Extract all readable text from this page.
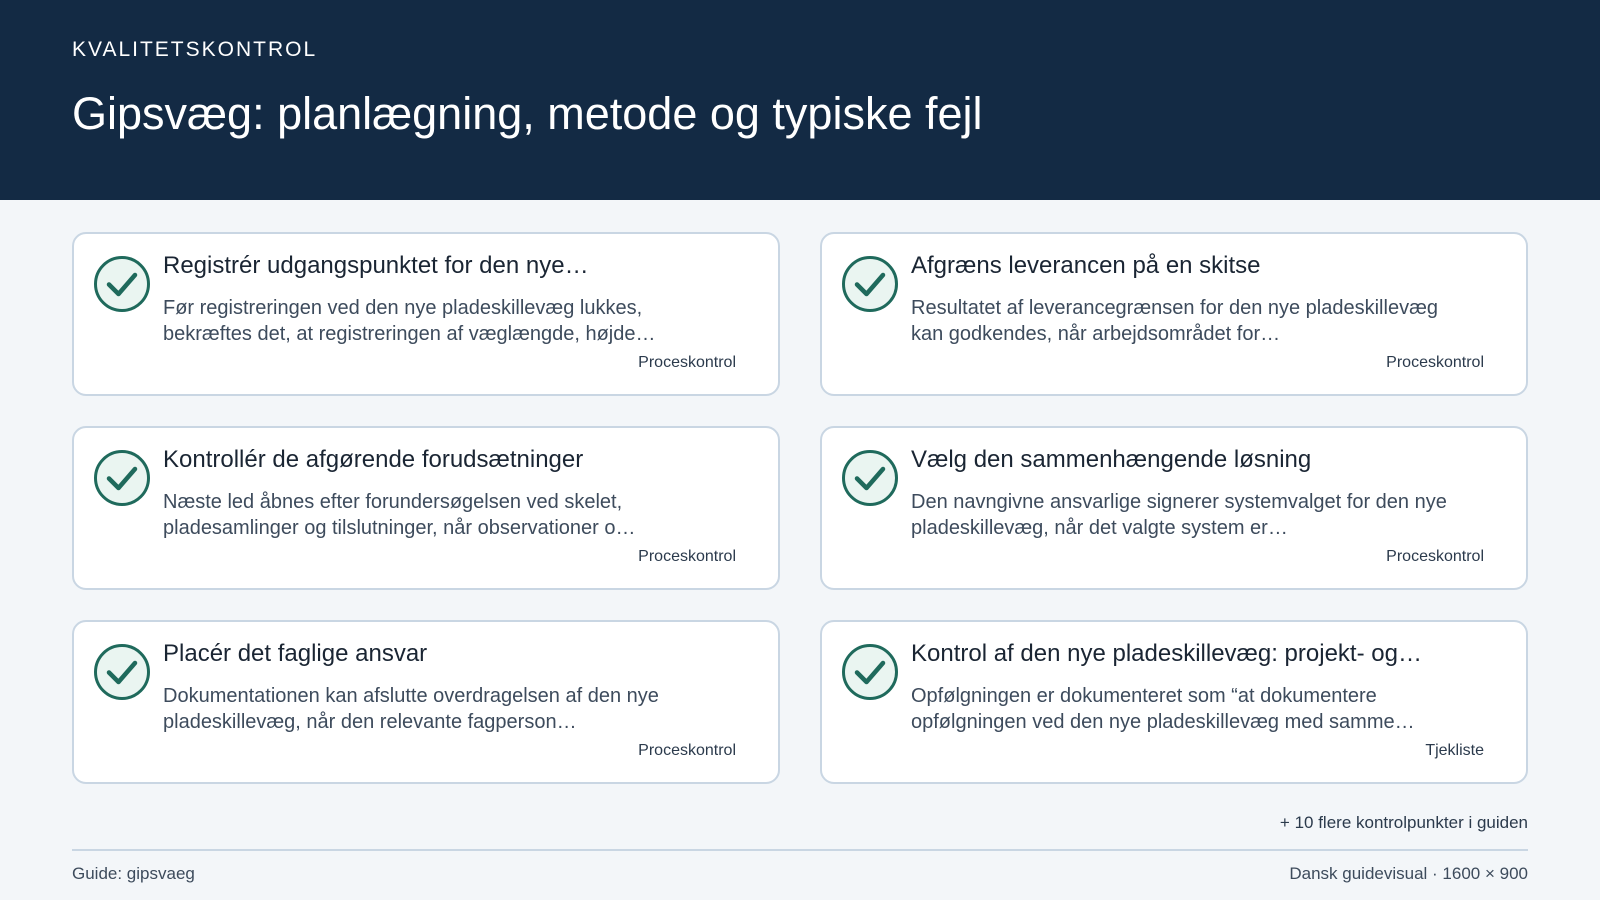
KVALITETSKONTROL
Gipsvæg: planlægning, metode og typiske fejl
Registrér udgangspunktet for den nye…
Før registreringen ved den nye pladeskillevæg lukkes, bekræftes det, at registreringen af væglængde, højde…
Proceskontrol
Afgræns leverancen på en skitse
Resultatet af leverancegrænsen for den nye pladeskillevæg kan godkendes, når arbejdsområdet for…
Proceskontrol
Kontrollér de afgørende forudsætninger
Næste led åbnes efter forundersøgelsen ved skelet, pladesamlinger og tilslutninger, når observationer o…
Proceskontrol
Vælg den sammenhængende løsning
Den navngivne ansvarlige signerer systemvalget for den nye pladeskillevæg, når det valgte system er…
Proceskontrol
Placér det faglige ansvar
Dokumentationen kan afslutte overdragelsen af den nye pladeskillevæg, når den relevante fagperson…
Proceskontrol
Kontrol af den nye pladeskillevæg: projekt- og…
Opfølgningen er dokumenteret som “at dokumentere opfølgningen ved den nye pladeskillevæg med samme…
Tjekliste
+ 10 flere kontrolpunkter i guiden
Guide: gipsvaeg	Dansk guidevisual · 1600 × 900
